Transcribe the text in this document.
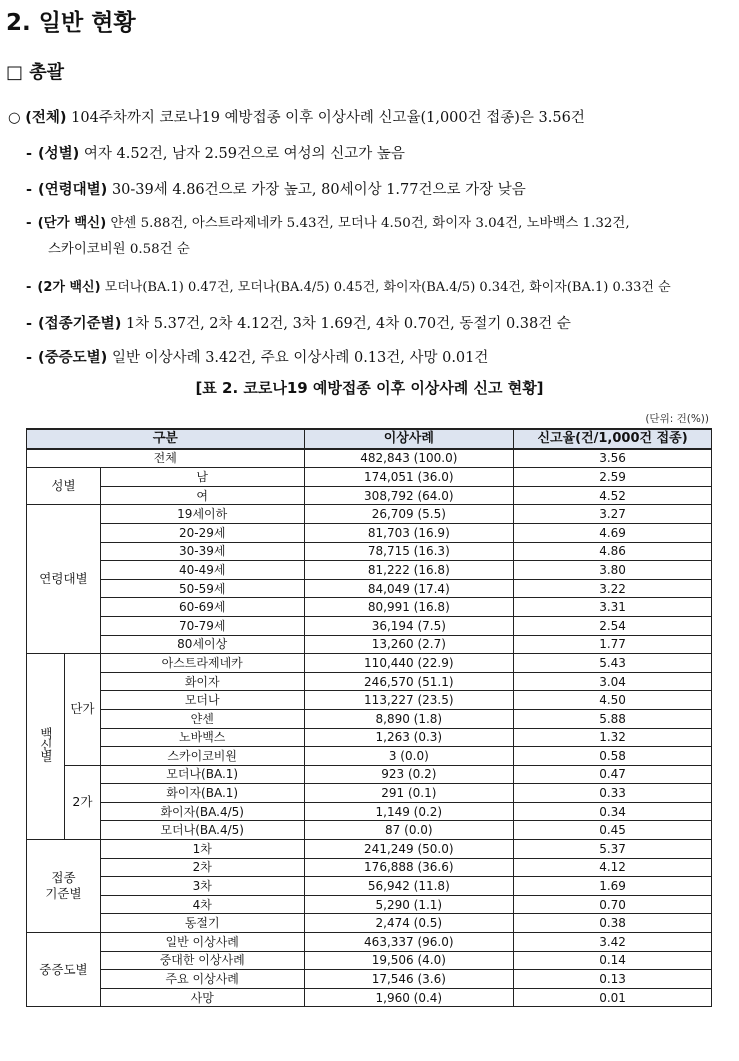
2. 일반 현황
□ 총괄
○ (전체) 104주차까지 코로나19 예방접종 이후 이상사례 신고율(1,000건 접종)은 3.56건
- (성별) 여자 4.52건, 남자 2.59건으로 여성의 신고가 높음
- (연령대별) 30-39세 4.86건으로 가장 높고, 80세이상 1.77건으로 가장 낮음
- (단가 백신) 얀센 5.88건, 아스트라제네카 5.43건, 모더나 4.50건, 화이자 3.04건, 노바백스 1.32건,
스카이코비원 0.58건 순
- (2가 백신) 모더나(BA.1) 0.47건, 모더나(BA.4/5) 0.45건, 화이자(BA.4/5) 0.34건, 화이자(BA.1) 0.33건 순
- (접종기준별) 1차 5.37건, 2차 4.12건, 3차 1.69건, 4차 0.70건, 동절기 0.38건 순
- (중증도별) 일반 이상사례 3.42건, 주요 이상사례 0.13건, 사망 0.01건
[표 2. 코로나19 예방접종 이후 이상사례 신고 현황]
(단위: 건(%))
구분			이상사례	신고율(건/1,000건 접종)
전체			482,843 (100.0)	3.56
성별		남	174,051 (36.0)	2.59
		여	308,792 (64.0)	4.52
연령대별		19세이하	26,709 (5.5)	3.27
		20-29세	81,703 (16.9)	4.69
		30-39세	78,715 (16.3)	4.86
		40-49세	81,222 (16.8)	3.80
		50-59세	84,049 (17.4)	3.22
		60-69세	80,991 (16.8)	3.31
		70-79세	36,194 (7.5)	2.54
		80세이상	13,260 (2.7)	1.77
백신별	단가	아스트라제네카	110,440 (22.9)	5.43
		화이자	246,570 (51.1)	3.04
		모더나	113,227 (23.5)	4.50
		얀센	8,890 (1.8)	5.88
		노바백스	1,263 (0.3)	1.32
		스카이코비원	3 (0.0)	0.58
	2가	모더나(BA.1)	923 (0.2)	0.47
		화이자(BA.1)	291 (0.1)	0.33
		화이자(BA.4/5)	1,149 (0.2)	0.34
		모더나(BA.4/5)	87 (0.0)	0.45

접종
기준별		1차	241,249 (50.0)	5.37
		2차	176,888 (36.6)	4.12
		3차	56,942 (11.8)	1.69
		4차	5,290 (1.1)	0.70
		동절기	2,474 (0.5)	0.38
중증도별		일반 이상사례	463,337 (96.0)	3.42
		중대한 이상사례	19,506 (4.0)	0.14
		주요 이상사례	17,546 (3.6)	0.13
		사망	1,960 (0.4)	0.01
